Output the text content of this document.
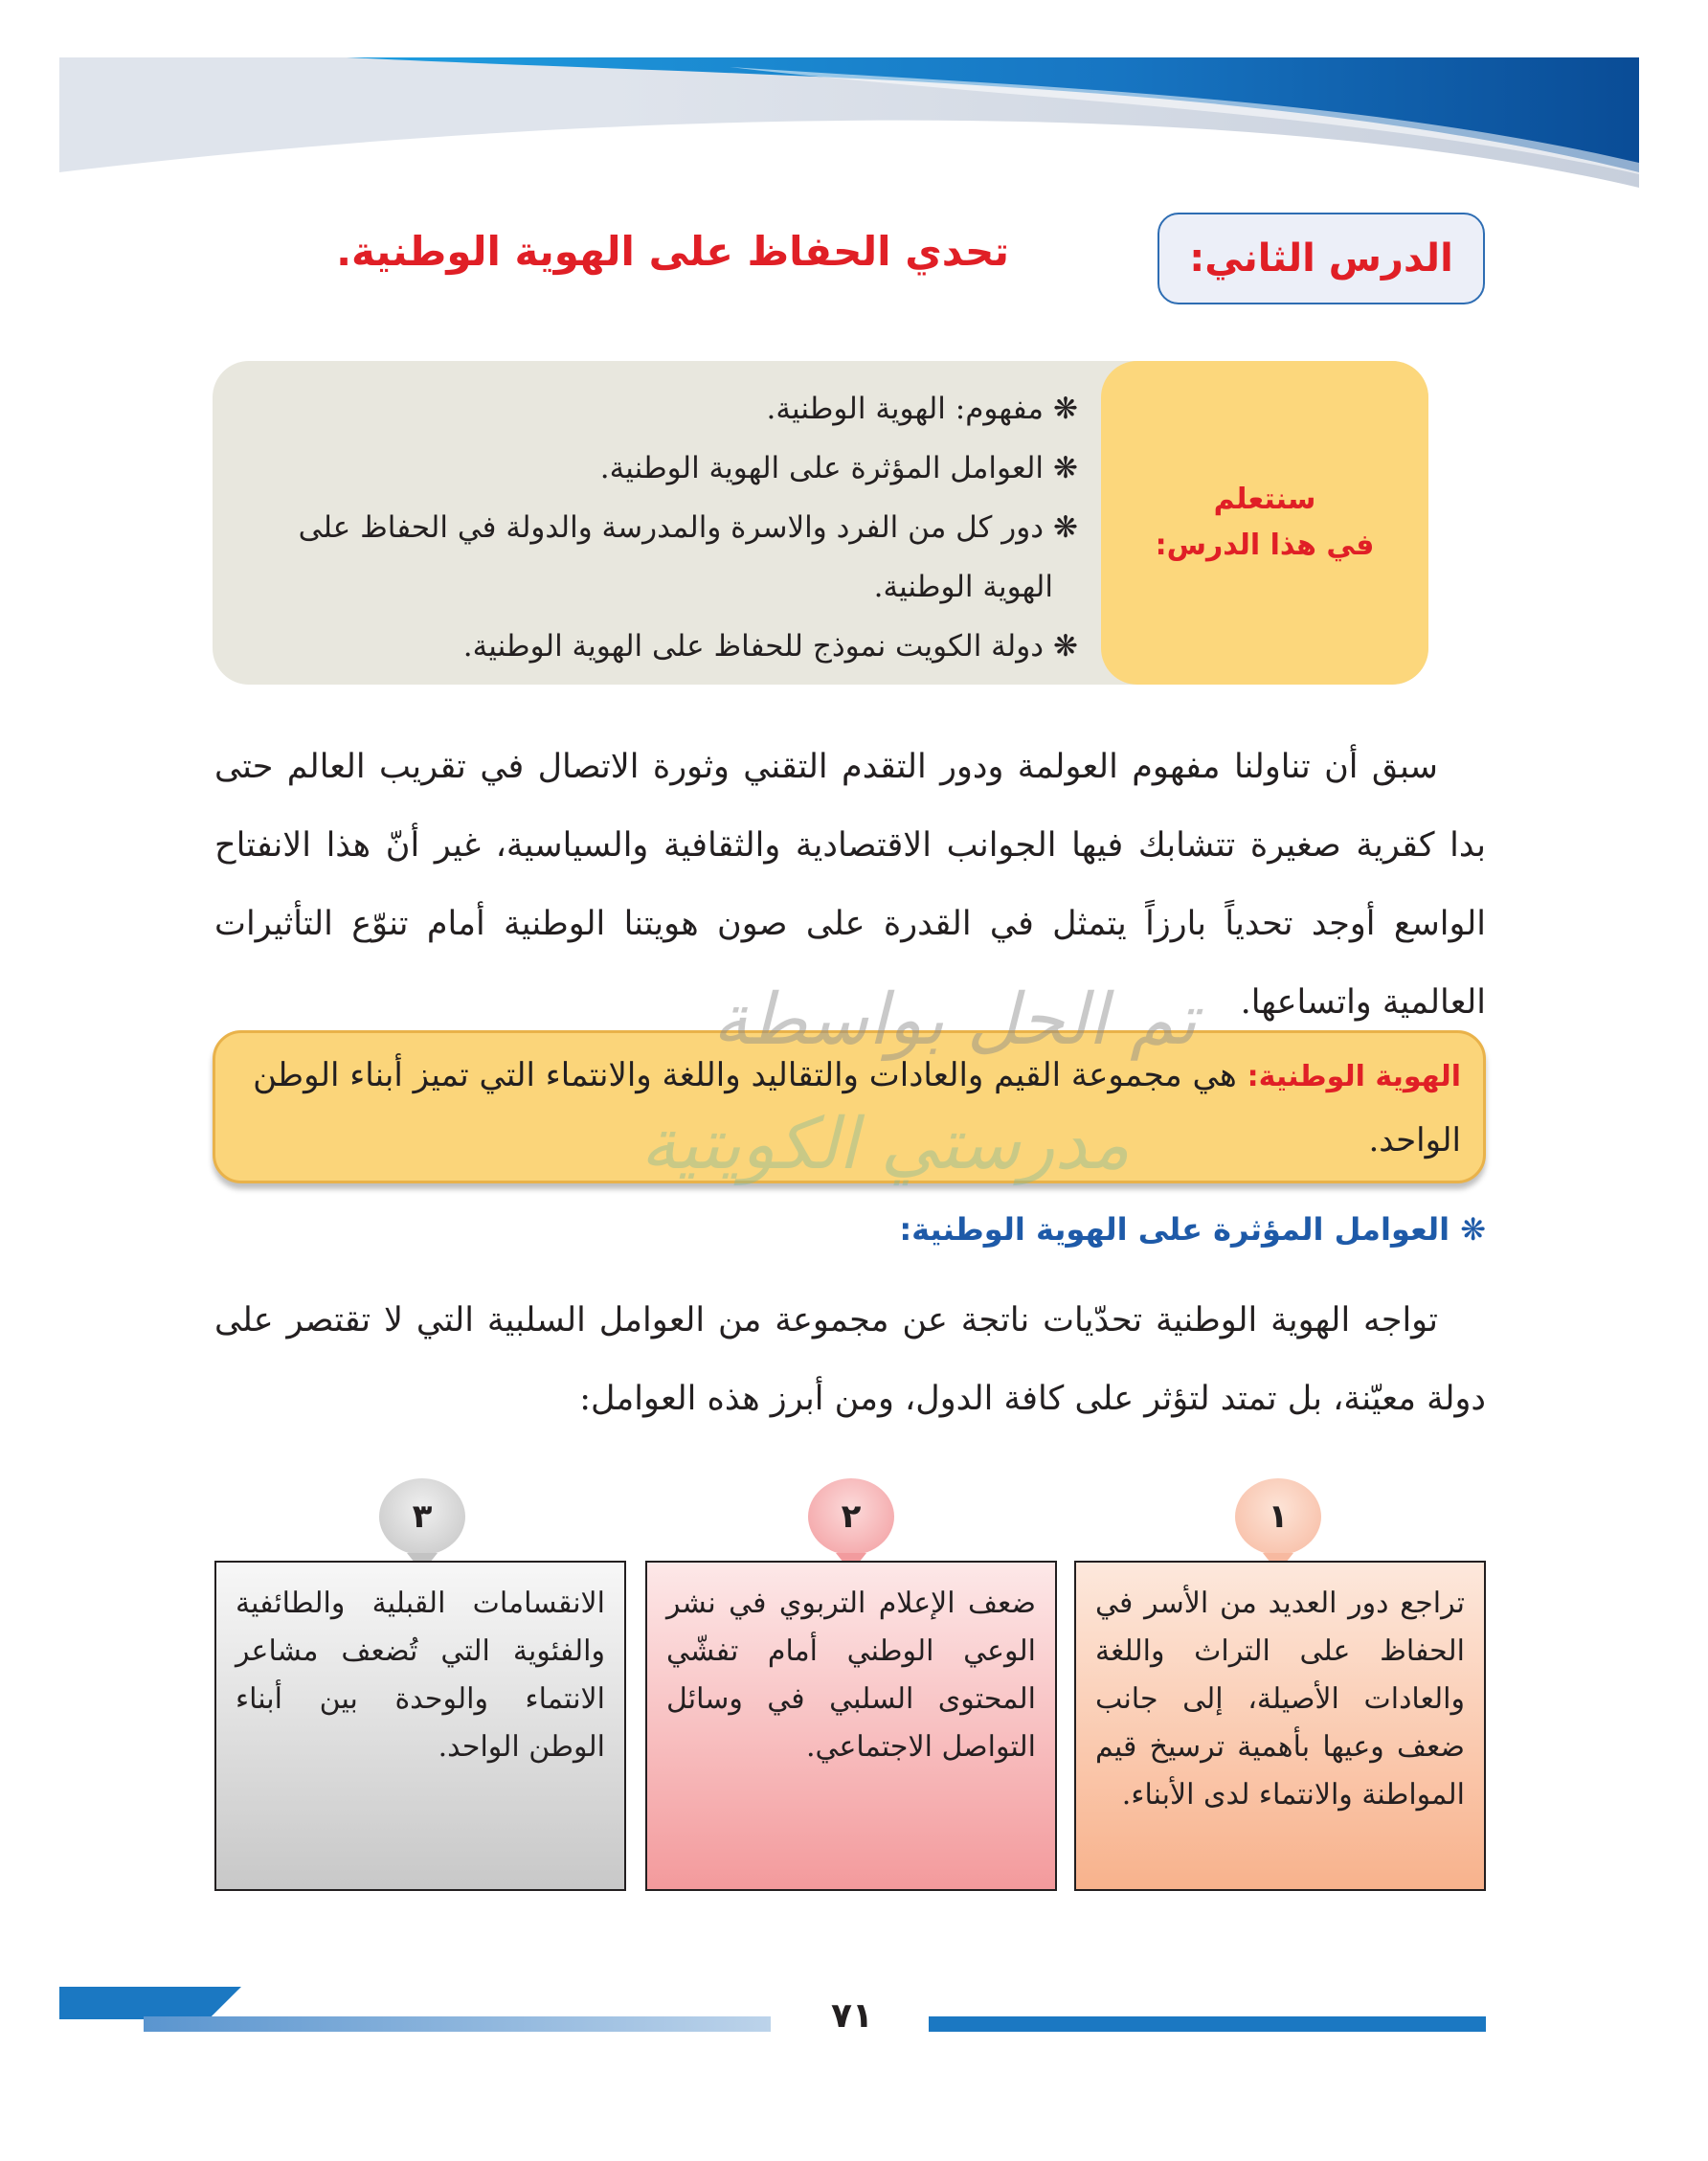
الدرس الثاني:
تحدي الحفاظ على الهوية الوطنية.
سنتعلم
في هذا الدرس:
❋مفهوم: الهوية الوطنية.
❋العوامل المؤثرة على الهوية الوطنية.
❋دور كل من الفرد والاسرة والمدرسة والدولة في الحفاظ على
الهوية الوطنية.
❋دولة الكويت نموذج للحفاظ على الهوية الوطنية.

سبق أن تناولنا مفهوم العولمة ودور التقدم التقني وثورة الاتصال في تقريب العالم حتى بدا كقرية صغيرة تتشابك فيها الجوانب الاقتصادية والثقافية والسياسية، غير أنّ هذا الانفتاح الواسع أوجد تحدياً بارزاً يتمثل في القدرة على صون هويتنا الوطنية أمام تنوّع التأثيرات العالمية واتساعها.

الهوية الوطنية: هي مجموعة القيم والعادات والتقاليد واللغة والانتماء التي تميز أبناء الوطن الواحد.

❋ العوامل المؤثرة على الهوية الوطنية:

تواجه الهوية الوطنية تحدّيات ناتجة عن مجموعة من العوامل السلبية التي لا تقتصر على دولة معيّنة، بل تمتد لتؤثر على كافة الدول، ومن أبرز هذه العوامل:

١
٢
٣

تراجع دور العديد من الأسر في الحفاظ على التراث واللغة والعادات الأصيلة، إلى جانب ضعف وعيها بأهمية ترسيخ قيم المواطنة والانتماء لدى الأبناء.

ضعف الإعلام التربوي في نشر الوعي الوطني أمام تفشّي المحتوى السلبي في وسائل التواصل الاجتماعي.

الانقسامات القبلية والطائفية والفئوية التي تُضعف مشاعر الانتماء والوحدة بين أبناء الوطن الواحد.

تم الحل بواسطة
مدرستي الكويتية
٧١
